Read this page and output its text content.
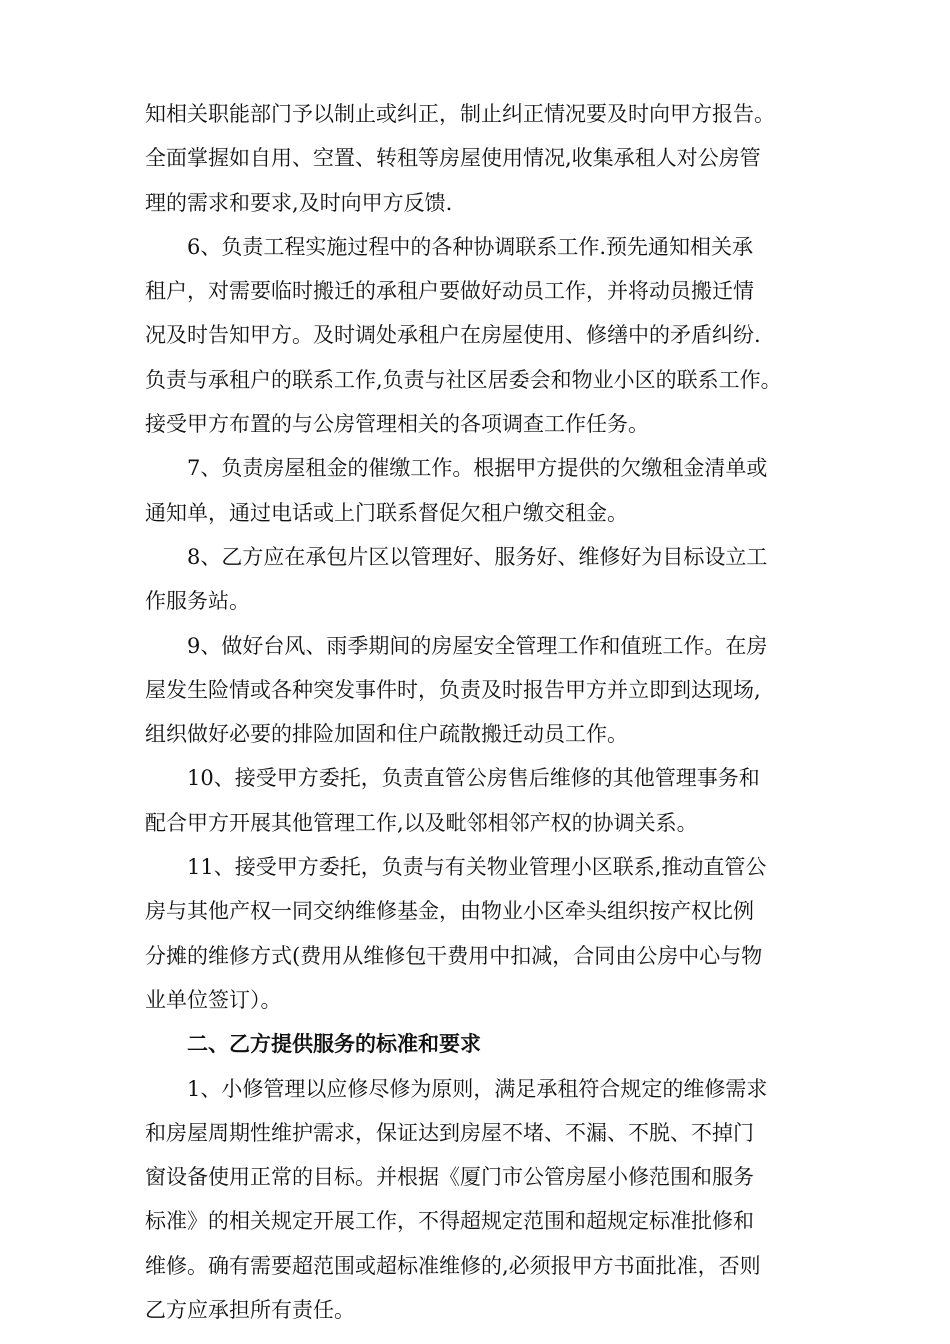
知相关职能部门予以制止或纠正，制止纠正情况要及时向甲方报告。
全面掌握如自用、空置、转租等房屋使用情况,收集承租人对公房管
理的需求和要求,及时向甲方反馈.
6、负责工程实施过程中的各种协调联系工作.预先通知相关承
租户，对需要临时搬迁的承租户要做好动员工作，并将动员搬迁情
况及时告知甲方。及时调处承租户在房屋使用、修缮中的矛盾纠纷.
负责与承租户的联系工作,负责与社区居委会和物业小区的联系工作。
接受甲方布置的与公房管理相关的各项调查工作任务。
7、负责房屋租金的催缴工作。根据甲方提供的欠缴租金清单或
通知单，通过电话或上门联系督促欠租户缴交租金。
8、乙方应在承包片区以管理好、服务好、维修好为目标设立工
作服务站。
9、做好台风、雨季期间的房屋安全管理工作和值班工作。在房
屋发生险情或各种突发事件时，负责及时报告甲方并立即到达现场,
组织做好必要的排险加固和住户疏散搬迁动员工作。
10、接受甲方委托，负责直管公房售后维修的其他管理事务和
配合甲方开展其他管理工作,以及毗邻相邻产权的协调关系。
11、接受甲方委托，负责与有关物业管理小区联系,推动直管公
房与其他产权一同交纳维修基金，由物业小区牵头组织按产权比例
分摊的维修方式(费用从维修包干费用中扣减，合同由公房中心与物
业单位签订）。
二、乙方提供服务的标准和要求
1、小修管理以应修尽修为原则，满足承租符合规定的维修需求
和房屋周期性维护需求，保证达到房屋不堵、不漏、不脱、不掉门
窗设备使用正常的目标。并根据《厦门市公管房屋小修范围和服务
标准》的相关规定开展工作，不得超规定范围和超规定标准批修和
维修。确有需要超范围或超标准维修的,必须报甲方书面批准，否则
乙方应承担所有责任。
